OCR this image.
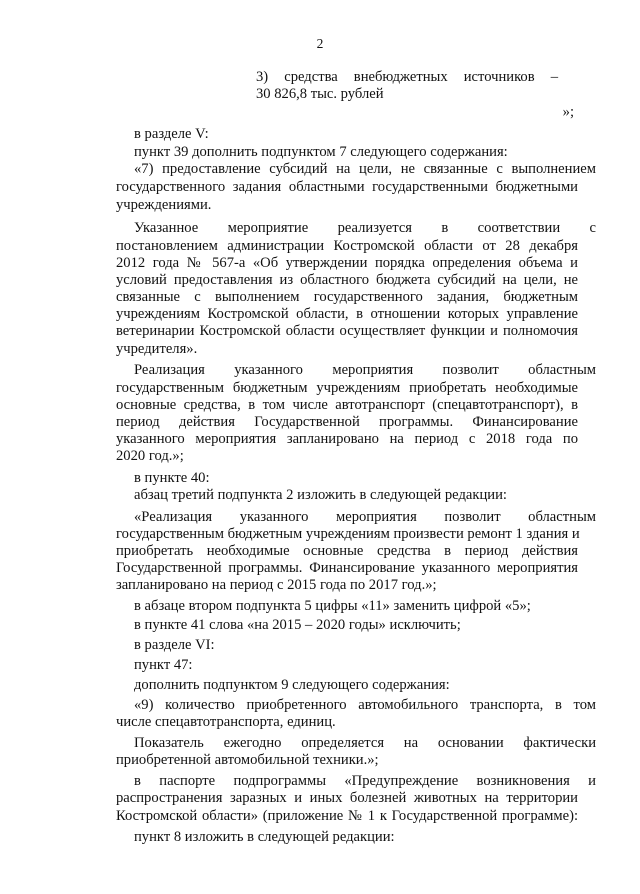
2
3) средства внебюджетных источников –
30 826,8 тыс. рублей
»;
в разделе V:
пункт 39 дополнить подпунктом 7 следующего содержания:
«7) предоставление субсидий на цели, не связанные с выполнением
государственного задания областными государственными бюджетными
учреждениями.
Указанное мероприятие реализуется в соответствии с
постановлением администрации Костромской области от 28 декабря
2012 года № 567-а «Об утверждении порядка определения объема и
условий предоставления из областного бюджета субсидий на цели, не
связанные с выполнением государственного задания, бюджетным
учреждениям Костромской области, в отношении которых управление
ветеринарии Костромской области осуществляет функции и полномочия
учредителя».
Реализация указанного мероприятия позволит областным
государственным бюджетным учреждениям приобретать необходимые
основные средства, в том числе автотранспорт (спецавтотранспорт), в
период действия Государственной программы. Финансирование
указанного мероприятия запланировано на период с 2018 года по
2020 год.»;
в пункте 40:
абзац третий подпункта 2 изложить в следующей редакции:
«Реализация указанного мероприятия позволит областным
государственным бюджетным учреждениям произвести ремонт 1 здания и
приобретать необходимые основные средства в период действия
Государственной программы. Финансирование указанного мероприятия
запланировано на период с 2015 года по 2017 год.»;
в абзаце втором подпункта 5 цифры «11» заменить цифрой «5»;
в пункте 41 слова «на 2015 – 2020 годы» исключить;
в разделе VI:
пункт 47:
дополнить подпунктом 9 следующего содержания:
«9) количество приобретенного автомобильного транспорта, в том
числе спецавтотранспорта, единиц.
Показатель ежегодно определяется на основании фактически
приобретенной автомобильной техники.»;
в паспорте подпрограммы «Предупреждение возникновения и
распространения заразных и иных болезней животных на территории
Костромской области» (приложение № 1 к Государственной программе):
пункт 8 изложить в следующей редакции:
